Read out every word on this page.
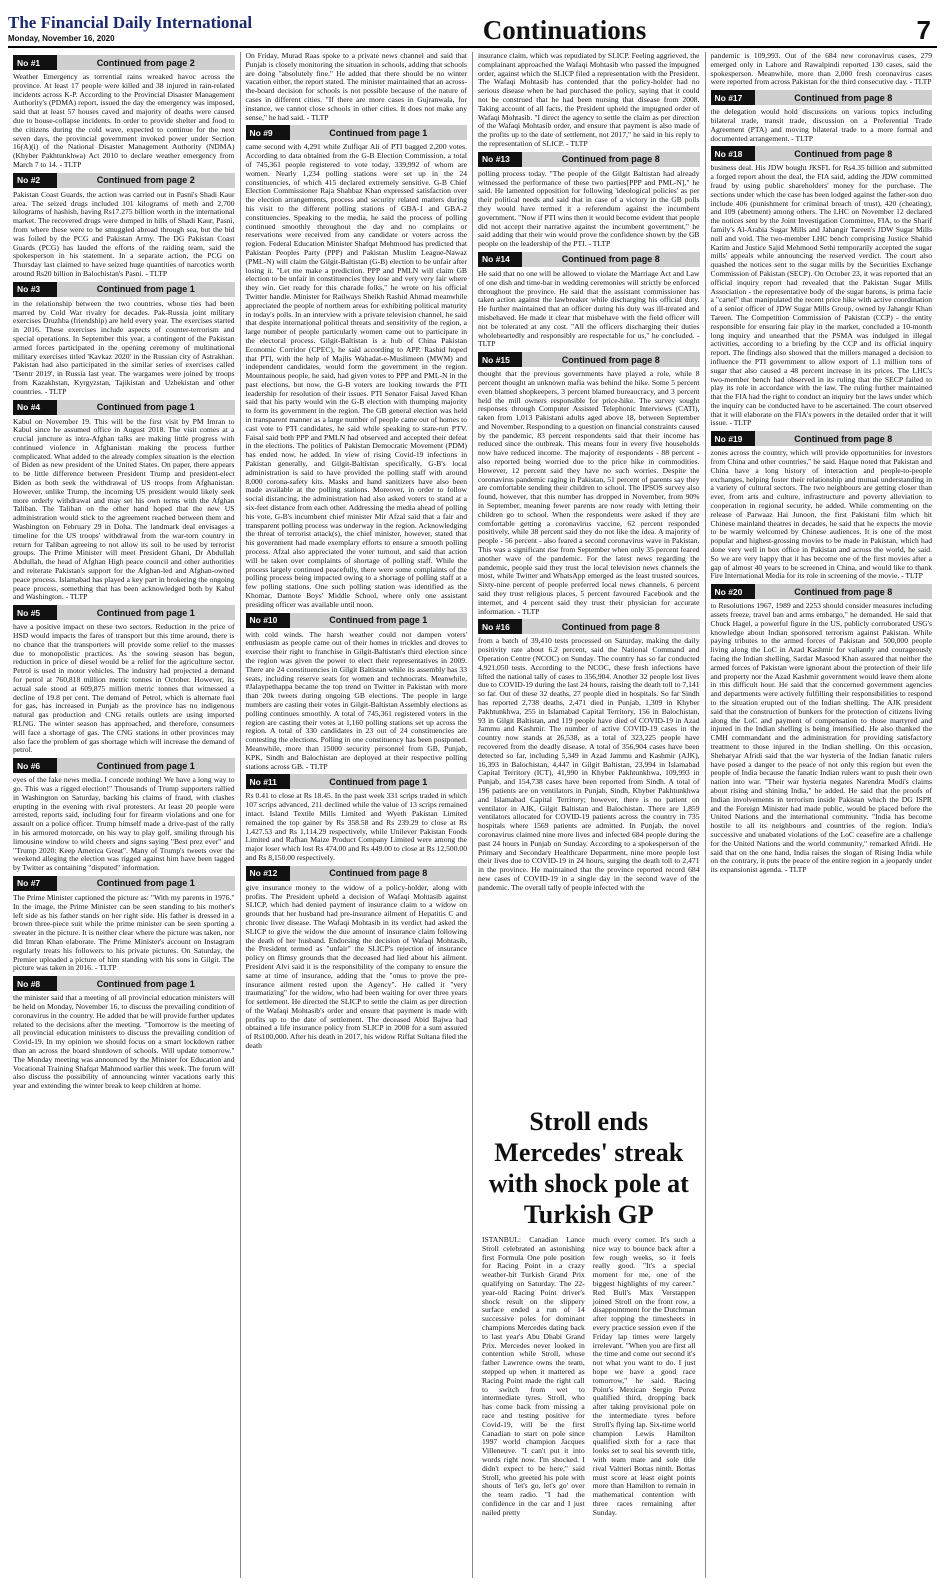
The Financial Daily International
Monday, November 16, 2020	Continuations	7
No #1	Continued from page
2

Weather Emergency as torrential rains wreaked havoc across the province. At least 17 people were killed and 38 injured in rain-related incidents across K-P. According to the Provincial Disaster Management Authority's (PDMA) report, issued the day the emergency was imposed, said that at least 57 houses caved and majority of deaths were caused due to house-collapse incidents. In order to provide shelter and food to the citizens during the cold wave, expected to continue for the next seven days, the provincial government invoked power under Section 16(A)(i) of the National Disaster Management Authority (NDMA) (Khyber Pakhtunkhwa) Act 2010 to declare weather emergency from March 7 to 14. - TLTP

No #2	Continued from page
2

Pakistan Coast Guards, the action was carried out in Pasni's Shadi Kaur area. The seized drugs included 101 kilograms of meth and 2,700 kilograms of hashish, having Rs17.275 billion worth in the international market. The recovered drugs were dumped in hills of Shadi Kaur, Pasni, from where these were to be smuggled abroad through sea, but the bid was foiled by the PCG and Pakistan Army. The DG Pakistan Coast Guards (PCG) has lauded the efforts of the raiding team, said the spokesperson in his statement. In a separate action, the PCG on Thursday last claimed to have seized huge quantities of narcotics worth around Rs20 billion in Balochistan's Pasni. - TLTP

No #3	Continued from page
1

in the relationship between the two countries, whose ties had been marred by Cold War rivalry for decades. Pak-Russia joint military exercises Druzhba (friendship) are held every year. The exercises started in 2016. These exercises include aspects of counter-terrorism and special operations. In September this year, a contingent of the Pakistan armed forces participated in the opening ceremony of multinational military exercises titled 'Kavkaz 2020' in the Russian city of Astrakhan. Pakistan had also participated in the similar series of exercises called 'Tsentr 2019', in Russia last year. The wargames were joined by troops from Kazakhstan, Kyrgyzstan, Tajikistan and Uzbekistan and other countries. - TLTP

No #4	Continued from page
1

Kabul on November 19. This will be the first visit by PM Imran to Kabul since he assumed office in August 2018. The visit comes at a crucial juncture as intra-Afghan talks are making little progress with continued violence in Afghanistan making the process further complicated. What added to the already complex situation is the election of Biden as new president of the United States. On paper, there appears to be little difference between President Trump and president-elect Biden as both seek the withdrawal of US troops from Afghanistan. However, unlike Trump, the incoming US president would likely seek more orderly withdrawal and may set his own terms with the Afghan Taliban. The Taliban on the other hand hoped that the new US administration would stick to the agreement reached between them and Washington on February 29 in Doha. The landmark deal envisages a timeline for the US troops' withdrawal from the war-torn country in return for Taliban agreeing to not allow its soil to be used by terrorist groups. The Prime Minister will meet President Ghani, Dr Abdullah Abdullah, the head of Afghan High peace council and other authorities and reiterate Pakistan's support for the Afghan-led and Afghan-owned peace process. Islamabad has played a key part in brokering the ongoing peace process, something that has been acknowledged both by Kabul and Washington. - TLTP

No #5	Continued from page
1

have a positive impact on these two sectors. Reduction in the price of HSD would impacts the fares of transport but this time around, there is no chance that the transporters will provide some relief to the masses due to monopolistic practices. As the sowing season has begun, reduction in price of diesel would be a relief for the agriculture sector. Petrol is used in motor vehicles. The industry had projected a demand for petrol at 760,818 million metric tonnes in October. However, its actual sale stood at 609,875 million metric tonnes that witnessed a decline of 19.8 per cent. The demand of Petrol, which is alternate fuel for gas, has increased in Punjab as the province has no indigenous natural gas production and CNG retails outlets are using imported RLNG. The winter season has approached, and therefore, consumers will face a shortage of gas. The CNG stations in other provinces may also face the problem of gas shortage which will increase the demand of petrol.

No #6	Continued from page
1

eyes of the fake news media. I concede nothing! We have a long way to go. This was a rigged election!" Thousands of Trump supporters rallied in Washington on Saturday, backing his claims of fraud, with clashes erupting in the evening with rival protesters. At least 20 people were arrested, reports said, including four for firearm violations and one for assault on a police officer. Trump himself made a drive-past of the rally in his armored motorcade, on his way to play golf, smiling through his limousine window to wild cheers and signs saying "Best prez ever" and "Trump 2020: Keep America Great". Many of Trump's tweets over the weekend alleging the election was rigged against him have been tagged by Twitter as containing "disputed" information.

No #7	Continued from page
1

The Prime Minister captioned the picture as: "With my parents in 1976." In the image, the Prime Minister can be seen standing to his mother's left side as his father stands on her right side. His father is dressed in a brown three-piece suit while the prime minister can be seen sporting a sweater in the picture. It is neither clear where the picture was taken, nor did Imran Khan elaborate. The Prime Minister's account on Instagram regularly treats his followers to his private pictures. On Saturday, the Premier uploaded a picture of him standing with his sons in Gilgit. The picture was taken in 2016. - TLTP

No #8	Continued from page
1

the minister said that a meeting of all provincial education ministers will be held on Monday, November 16, to discuss the prevailing condition of coronavirus in the country. He added that he will provide further updates related to the decisions after the meeting. "Tomorrow is the meeting of all provincial education ministers to discuss the prevailing condition of Covid-19. In my opinion we should focus on a smart lockdown rather than an across the board shutdown of schools. Will update tomorrow." The Monday meeting was announced by the Minister for Education and Vocational Training Shafqat Mahmood earlier this week. The forum will also discuss the possibility of announcing winter vacations early this year and extending the winter break to keep children at home.

On Friday, Murad Raas spoke to a private news channel and said that Punjab is closely monitoring the situation in schools, adding that schools are doing "absolutely fine." He added that there should be no winter vacation either, the report stated. The minister maintained that an across-the-board decision for schools is not possible because of the nature of cases in different cities. "If there are more cases in Gujranwala, for instance, we cannot close schools in other cities. It does not make any sense," he had said. - TLTP

No #9	Continued from page
1

came second with 4,291 while Zulfiqar Ali of PTI bagged 2,200 votes. According to data obtained from the G-B Election Commission, a total of 745,361 people registered to vote today, 339,992 of whom are women. Nearly 1,234 polling stations were set up in the 24 constituencies, of which 415 declared extremely sensitive. G-B Chief Election Commissioner Raja Shahbaz Khan expressed satisfaction over the election arrangements, process and security related matters during his visit to the different polling stations of GBA-1 and GBA-2 constituencies. Speaking to the media, he said the process of polling continued smoothly throughout the day and no complains or reservations were received from any candidate or voters across the region. Federal Education Minister Shafqat Mehmood has predicted that Pakistan Peoples Party (PPP) and Pakistan Muslim League-Nawaz (PML-N) will claim the Gilgit-Baltistan (G-B) election to be unfair after losing it. "Let me make a prediction. PPP and PMLN will claim GB election to be unfair in constituencies they lose and very very fair where they win. Get ready for this charade folks," he wrote on his official Twitter handle. Minister for Railways Sheikh Rashid Ahmad meanwhile appreciated the people of northern areas for exhibiting political maturity in today's polls. In an interview with a private television channel, he said that despite international political threats and sensitivity of the region, a large number of people particularly women came out to participate in the electoral process. Gilgit-Baltistan is a hub of China Pakistan Economic Corridor (CPEC), he said according to APP. Rashid hoped that PTI, with the help of Majlis Wahadat-e-Muslimeen (MWM) and independent candidates, would form the government in the region. Mountainous people, he said, had given votes to PPP and PML-N in the past elections, but now, the G-B voters are looking towards the PTI leadership for resolution of their issues. PTI Senator Faisal Javed Khan said that his party would win the G-B election with thumping majority to form its government in the region. The GB general election was held in transparent manner as a large number of people came out of homes to cast vote to PTI candidates, he said while speaking to state-run PTV. Faisal said both PPP and PMLN had observed and accepted their defeat in the elections. The politics of Pakistan Democratic Movement (PDM) has ended now, he added. In view of rising Covid-19 infections in Pakistan generally, and Gilgit-Baltistan specifically, G-B's local administration is said to have provided the polling staff with around 8,000 corona-safety kits. Masks and hand sanitizers have also been made available at the polling stations. Moreover, in order to follow social distancing, the administration had also asked voters to stand at a six-feet distance from each other. Addressing the media ahead of polling his vote, G-B's incumbent chief minister Mir Afzal said that a fair and transparent polling process was underway in the region. Acknowledging the threat of terrorist attack(s), the chief minister, however, stated that his government had made exemplary efforts to ensure a smooth polling process. Afzal also appreciated the voter turnout, and said that action will be taken over complaints of shortage of polling staff. While the process largely continued peacefully, there were some complaints of the polling process being impacted owing to a shortage of polling staff at a few polling stations. One such polling station was identified as the Khomar, Damote Boys' Middle School, where only one assistant presiding officer was available until noon.

No #10	Continued from page
1

with cold winds. The harsh weather could not dampen voters' enthusiasm as people came out of their homes in trickles and droves to exercise their right to franchise in Gilgit-Baltistan's third election since the region was given the power to elect their representatives in 2009. There are 24 constituencies in Gilgit Baltistan while its assembly has 33 seats, including reserve seats for women and technocrats. Meanwhile, #Jalaypethappa became the top trend on Twitter in Pakistan with more than 20k tweets during ongoing GB elections. The people in large numbers are casting their votes in Gilgit-Baltistan Assembly elections as polling continues smoothly. A total of 745,361 registered voters in the region are casting their votes at 1,160 polling stations set up across the region. A total of 330 candidates in 23 out of 24 constituencies are contesting the elections. Polling in one constituency has been postponed. Meanwhile, more than 15000 security personnel from GB, Punjab, KPK, Sindh and Balochistan are deployed at their respective polling stations across GB. - TLTP

No #11	Continued from page
1

Rs 0.41 to close at Rs 18.45. In the past week 331 scrips traded in which 107 scrips advanced, 211 declined while the value of 13 scrips remained intact. Island Textile Mills Limited and Wyeth Pakistan Limited remained the top gainer by Rs 358.58 and Rs 239.29 to close at Rs 1,427.53 and Rs 1,114.29 respectively, while Unilever Pakistan Foods Limited and Rafhan Maize Product Company Limited were among the major loser which lost Rs 474.00 and Rs 449.00 to close at Rs 12,500.00 and Rs 8,150.00 respectively.

No #12	Continued from page
8

give insurance money to the widow of a policy-holder, along with profits. The President upheld a decision of Wafaqi Mohtasib against SLICP, which had denied payment of insurance claim to a widow on grounds that her husband had pre-insurance ailment of Hepatitis C and chronic liver disease. The Wafaqi Mohtasib in its verdict had asked the SLICP to give the widow the due amount of insurance claim following the death of her husband. Endorsing the decision of Wafaqi Mohtasib, the President termed as "unfair" the SLICP's rejection of insurance policy on flimsy grounds that the deceased had lied about his ailment. President Alvi said it is the responsibility of the company to ensure the same at time of insurance, adding that the "onus to prove the pre-insurance ailment rested upon the Agency". He called it "very traumatizing" for the widow, who had been waiting for over three years for settlement. He directed the SLICP to settle the claim as per direction of the Wafaqi Mohtasib's order and ensure that payment is made with profits up to the date of settlement. The deceased Abid Bajwa had obtained a life insurance policy from SLICP in 2008 for a sum assured of Rs100,000. After his death in 2017, his widow Riffat Sultana filed the death

insurance claim, which was repudiated by SLICP. Feeling aggrieved, the complainant approached the Wafaqi Mohtasib who passed the impugned order, against which the SLICP filed a representation with the President. The Wafaqi Mohtasib has contended that the policy-holder had no serious disease when he had purchased the policy, saying that it could not be construed that he had been nursing that disease from 2008. Taking account of all facts, the President upheld the impugned order of Wafaqi Mohtasib. "I direct the agency to settle the claim as per direction of the Wafaqi Mohtasib order, and ensure that payment is also made of the profits up to the date of settlement, not 2017," he said in his reply to the representation of SLICP. - TLTP

No #13	Continued from page
8

polling process today. "The people of the Gilgit Baltistan had already witnessed the performance of these two parties[PPP and PML-N]," he said. He lamented opposition for following 'ideological policies' as per their political needs and said that in case of a victory in the GB polls they would have termed it a referendum against the incumbent government. "Now if PTI wins then it would become evident that people did not accept their narrative against the incumbent government," he said adding that their win would prove the confidence shown by the GB people on the leadership of the PTI. - TLTP

No #14	Continued from page
8

He said that no one will be allowed to violate the Marriage Act and Law of one dish and time-bar in wedding ceremonies will strictly be enforced throughout the province. He said that the assistant commissioner has taken action against the lawbreaker while discharging his official duty. He further maintained that an officer during his duty was ill-treated and misbehaved. He made it clear that misbehave with the field officer will not be tolerated at any cost. "All the officers discharging their duties wholeheartedly and responsibly are respectable for us," he concluded. - TLTP

No #15	Continued from page
8

thought that the previous governments have played a role, while 8 percent thought an unknown mafia was behind the hike. Some 5 percent even blamed shopkeepers, 3 percent blamed bureaucracy, and 3 percent held the mill owners responsible for price-hike. The survey sought responses through Computer Assisted Telephonic Interviews (CATI), taken from 1,013 Pakistani adults aged above 18, between September and November. Responding to a question on financial constraints caused by the pandemic, 83 percent respondents said that their income has reduced since the outbreak. This means four in every five households now have reduced income. The majority of respondents - 88 percent - also reported being worried due to the price hike in commodities. However, 12 percent said they have no such worries. Despite the coronavirus pandemic raging in Pakistan, 51 percent of parents say they are comfortable sending their children to school. The IPSOS survey also found, however, that this number has dropped in November, from 90% in September, meaning fewer parents are now ready with letting their children go to school. When the respondents were asked if they are comfortable getting a coronavirus vaccine, 62 percent responded positively, while 38 percent said they do not like the idea. A majority of people - 56 percent - also feared a second coronavirus wave in Pakistan. This was a significant rise from September when only 35 percent feared another wave of the pandemic. For the latest news regarding the pandemic, people said they trust the local television news channels the most, while Twitter and WhatsApp emerged as the least trusted sources. Sixty-nine percent of people preferred local news channels, 6 percent said they trust religious places, 5 percent favoured Facebook and the internet, and 4 percent said they trust their physician for accurate information. - TLTP

No #16	Continued from page
8

from a batch of 39,410 tests processed on Saturday, making the daily positivity rate about 6.2 percent, said the National Command and Operation Centre (NCOC) on Sunday. The country has so far conducted 4,921,050 tests. According to the NCOC, these fresh infections have lifted the national tally of cases to 356,904. Another 32 people lost lives due to COVID-19 during the last 24 hours, raising the death toll to 7,141 so far. Out of these 32 deaths, 27 people died in hospitals. So far Sindh has reported 2,738 deaths, 2,471 died in Punjab, 1,309 in Khyber Pakhtunkhwa, 255 in Islamabad Capital Territory, 156 in Balochistan, 93 in Gilgit Baltistan, and 119 people have died of COVID-19 in Azad Jammu and Kashmir. The number of active COVID-19 cases in the country now stands at 26,538, as a total of 323,225 people have recovered from the deadly disease. A total of 356,904 cases have been detected so far, including 5,349 in Azad Jammu and Kashmir (AJK), 16,393 in Balochistan, 4,447 in Gilgit Baltistan, 23,994 in Islamabad Capital Territory (ICT), 41,990 in Khyber Pakhtunkhwa, 109,993 in Punjab, and 154,738 cases have been reported from Sindh. A total of 196 patients are on ventilators in Punjab, Sindh, Khyber Pakhtunkhwa and Islamabad Capital Territory; however, there is no patient on ventilator in AJK, Gilgit Baltistan and Balochistan. There are 1,859 ventilators allocated for COVID-19 patients across the country in 735 hospitals where 1569 patients are admitted. In Punjab, the novel coronavirus claimed nine more lives and infected 684 people during the past 24 hours in Punjab on Sunday. According to a spokesperson of the Primary and Secondary Healthcare Department, nine more people lost their lives due to COVID-19 in 24 hours, surging the death toll to 2,471 in the province. He maintained that the province reported record 684 new cases of COVID-19 in a single day in the second wave of the pandemic. The overall tally of people infected with the

Stroll ends Mercedes' streak with shock pole at Turkish GP

ISTANBUL: Canadian Lance Stroll celebrated an astonishing first Formula One pole position for Racing Point in a crazy weather-hit Turkish Grand Prix qualifying on Saturday. The 22-year-old Racing Point driver's shock result on the slippery surface ended a run of 14 successive poles for dominant champions Mercedes dating back to last year's Abu Dhabi Grand Prix. Mercedes never looked in contention while Stroll, whose father Lawrence owns the team, stepped up when it mattered as Racing Point made the right call to switch from wet to intermediate tyres. Stroll, who has come back from missing a race and testing positive for Covid-19, will be the first Canadian to start on pole since 1997 world champion Jacques Villeneuve. "I can't put it into words right now. I'm shocked. I didn't expect to be here," said Stroll, who greeted his pole with shouts of 'let's go, let's go' over the team radio. "I had the confidence in the car and I just nailed pretty

much every corner. It's such a nice way to bounce back after a few rough weeks, so it feels really good. "It's a special moment for me, one of the biggest highlights of my career." Red Bull's Max Verstappen joined Stroll on the front row, a disappointment for the Dutchman after topping the timesheets in every practice session even if the Friday lap times were largely irrelevant. "When you are first all the time and come out second it's not what you want to do. I just hope we have a good race tomorrow," he said. Racing Point's Mexican Sergio Perez qualified third, dropping back after taking provisional pole on the intermediate tyres before Stroll's flying lap. Six-time world champion Lewis Hamilton qualified sixth for a race that looks set to seal his seventh title, with team mate and sole title rival Valtteri Bottas ninth. Bottas must score at least eight points more than Hamilton to remain in mathematical contention with three races remaining after Sunday.

pandemic is 109,993. Out of the 684 new coronavirus cases, 279 emerged only in Lahore and Rawalpindi reported 130 cases, said the spokesperson. Meanwhile, more than 2,000 fresh coronavirus cases were reported from across Pakistan for the third consecutive day. - TLTP

No #17	Continued from page
8

the delegation would hold discussions on various topics including bilateral trade, transit trade, discussion on a Preferential Trade Agreement (PTA) and moving bilateral trade to a more formal and documented arrangement. - TLTP

No #18	Continued from page
8

business deal. His JDW bought JKSFL for Rs4.35 billion and submitted a forged report about the deal, the FIA said, adding the JDW committed fraud by using public shareholders' money for the purchase. The sections under which the case has been lodged against the father-son duo include 406 (punishment for criminal breach of trust), 420 (cheating), and 109 (abetment) among others. The LHC on November 12 declared the notices sent by the Joint Investigation Committee, FIA, to the Sharif family's Al-Arabia Sugar Mills and Jahangir Tareen's JDW Sugar Mills null and void. The two-member LHC bench comprising Justice Shahid Karim and Justice Sajid Mehmood Sethi temporarily accepted the sugar mills' appeals while announcing the reserved verdict. The court also quashed the notices sent to the sugar mills by the Securities Exchange Commission of Pakistan (SECP). On October 23, it was reported that an official inquiry report had revealed that the Pakistan Sugar Mills Association - the representative body of the sugar barons, is prima facie a "cartel" that manipulated the recent price hike with active coordination of a senior officer of JDW Sugar Mills Group, owned by Jahangir Khan Tareen. The Competition Commission of Pakistan (CCP) - the entity responsible for ensuring fair play in the market, concluded a 10-month long inquiry and unearthed that the PSMA was indulged in illegal activities, according to a briefing by the CCP and its official inquiry report. The findings also showed that the millers managed a decision to influence the PTI government to allow export of 1.1 million tons of sugar that also caused a 48 percent increase in its prices. The LHC's two-member bench had observed in its ruling that the SECP failed to play its role in accordance with the law. The ruling further maintained that the FIA had the right to conduct an inquiry but the laws under which the inquiry can be conducted have to be ascertained. The court observed that it will elaborate on the FIA's powers in the detailed order that it will issue. - TLTP

No #19	Continued from page
8

zones across the country, which will provide opportunities for investors from China and other countries," he said. Haque noted that Pakistan and China have a long history of interaction and people-to-people exchanges, helping foster their relationship and mutual understanding in a variety of cultural sectors. The two neighbours are getting closer than ever, from arts and culture, infrastructure and poverty alleviation to cooperation in regional security, he added. While commenting on the release of Parwaaz Hai Junoon, the first Pakistani film which hit Chinese mainland theatres in decades, he said that he expects the movie to be warmly welcomed by Chinese audiences. It is one of the most popular and highest-grossing movies to be made in Pakistan, which had done very well in box office in Pakistan and across the world, he said. So we are very happy that it has become one of the first movies after a gap of almost 40 years to be screened in China, and would like to thank Fire International Media for its role in screening of the movie. - TLTP

No #20	Continued from page
8

to Resolutions 1967, 1989 and 2253 should consider measures including assets freeze, travel ban and arms embargo," he demanded. He said that Chuck Hagel, a powerful figure in the US, publicly corroborated USG's knowledge about Indian sponsored terrorism against Pakistan. While paying tributes to the armed forces of Pakistan and 500,000 people living along the LoC in Azad Kashmir for valiantly and courageously facing the Indian shelling, Sardar Masood Khan assured that neither the armed forces of Pakistan were ignorant about the protection of their life and property nor the Azad Kashmir government would leave them alone in this difficult hour. He said that the concerned government agencies and departments were actively fulfilling their responsibilities to respond to the situation erupted out of the Indian shelling. The AJK president said that the construction of bunkers for the protection of citizens living along the LoC and payment of compensation to those martyred and injured in the Indian shelling is being intensified. He also thanked the CMH commandant and the administration for providing satisfactory treatment to those injured in the Indian shelling. On this occasion, Sheharyar Afridi said that the war hysteria of the Indian fanatic rulers have posed a danger to the peace of not only this region but even the people of India because the fanatic Indian rulers want to push their own nation into war. "Their war hysteria negates Narendra Modi's claims about rising and shining India," he added. He said that the proofs of Indian involvements in terrorism inside Pakistan which the DG ISPR and the Foreign Minister had made public, would be placed before the United Nations and the international community. "India has become hostile to all its neighbours and countries of the region. India's successive and unabated violations of the LoC ceasefire are a challenge for the United Nations and the world community," remarked Afridi. He said that on the one hand, India raises the slogan of Rising India while on the contrary, it puts the peace of the entire region in a jeopardy under its expansionist agenda. - TLTP
